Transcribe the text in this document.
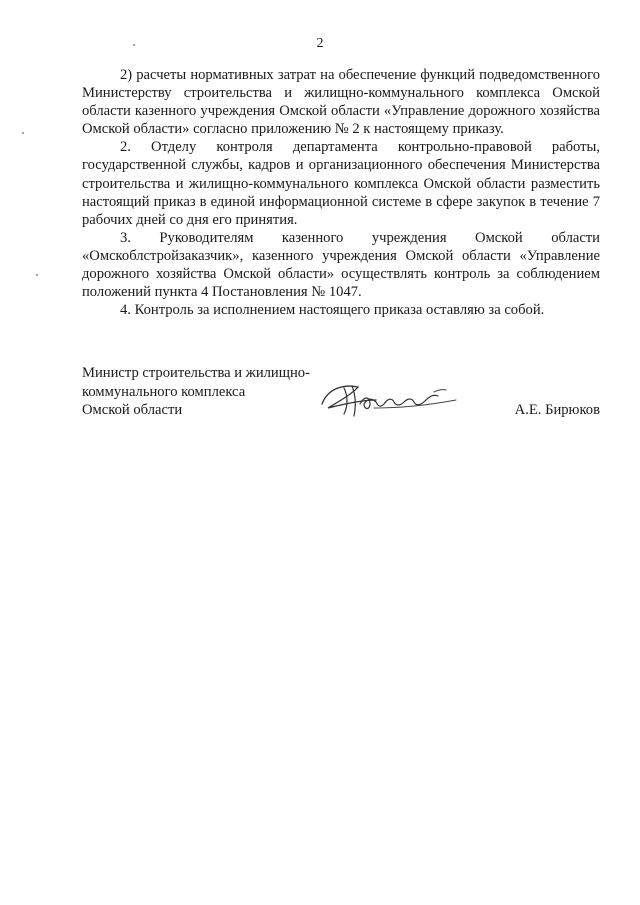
2

2) расчеты нормативных затрат на обеспечение функций подведомственного Министерству строительства и жилищно-коммунального комплекса Омской области казенного учреждения Омской области «Управление дорожного хозяйства Омской области» согласно приложению № 2 к настоящему приказу.

2. Отделу контроля департамента контрольно-правовой работы, государственной службы, кадров и организационного обеспечения Министерства строительства и жилищно-коммунального комплекса Омской области разместить настоящий приказ в единой информационной системе в сфере закупок в течение 7 рабочих дней со дня его принятия.

3. Руководителям казенного учреждения Омской области «Омскоблстройзаказчик», казенного учреждения Омской области «Управление дорожного хозяйства Омской области» осуществлять контроль за соблюдением положений пункта 4 Постановления № 1047.

4. Контроль за исполнением настоящего приказа оставляю за собой.

Министр строительства и жилищно-
коммунального комплекса
Омской области	А.Е. Бирюков
